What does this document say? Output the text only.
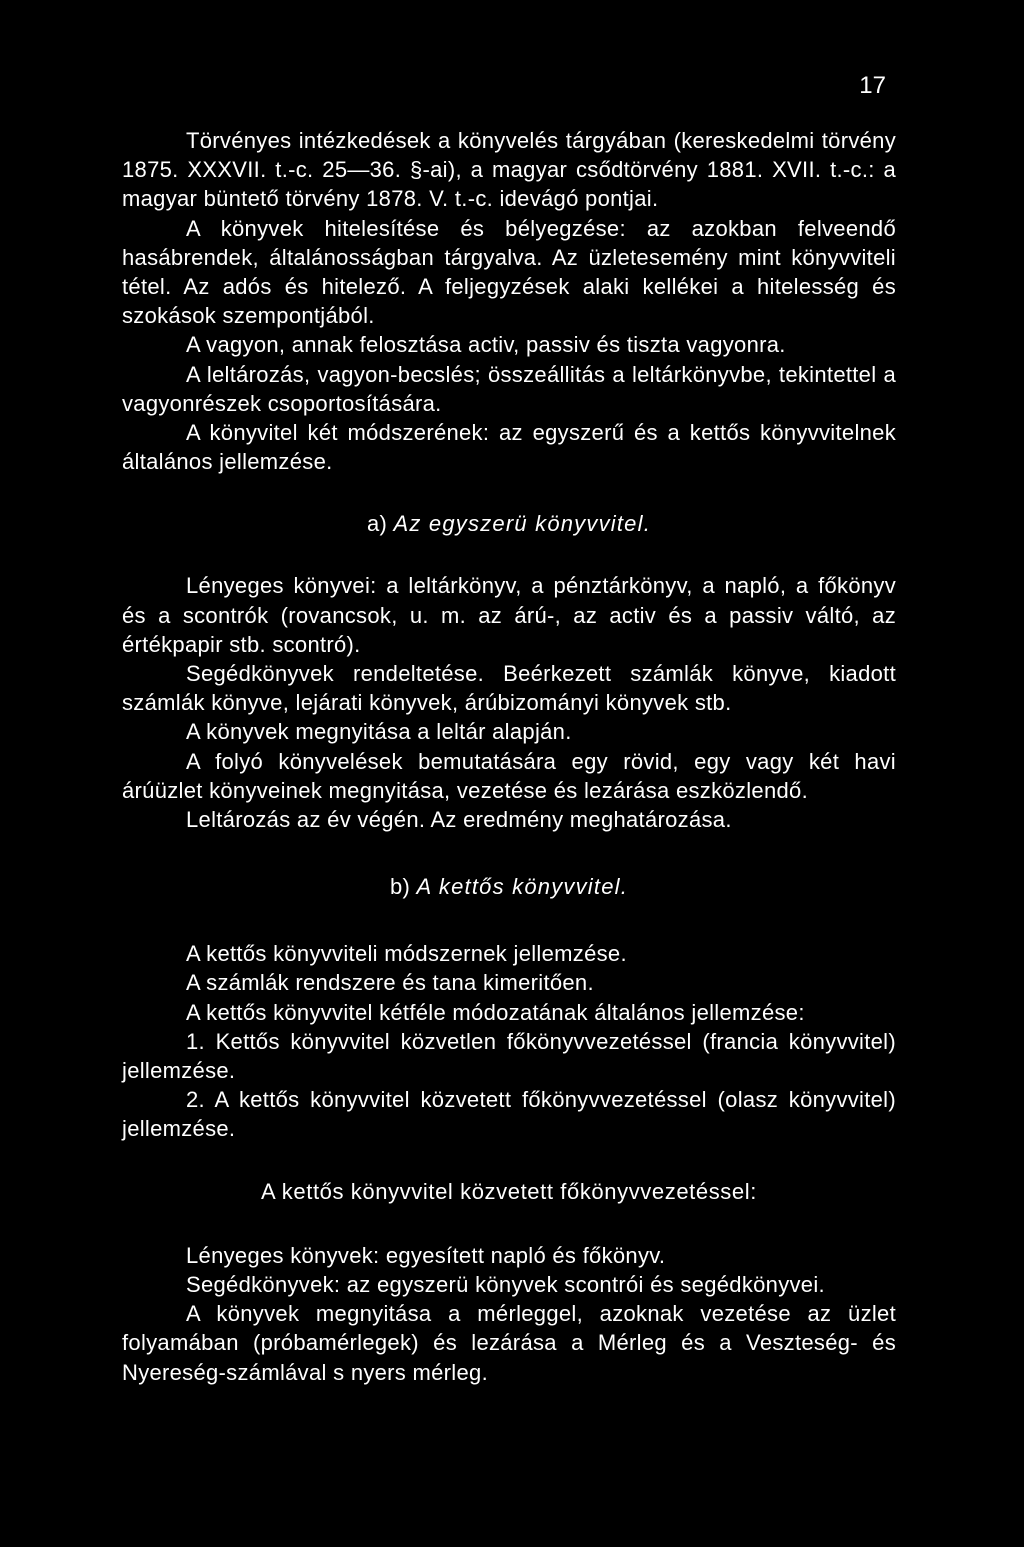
17

Törvényes intézkedések a könyvelés tárgyában (kereskedelmi törvény 1875. XXXVII. t.-c. 25—36. §-ai), a magyar csődtörvény 1881. XVII. t.-c.: a magyar büntető törvény 1878. V. t.-c. idevágó pontjai.

A könyvek hitelesítése és bélyegzése: az azokban felveendő hasábrendek, általánosságban tárgyalva. Az üzletesemény mint könyvviteli tétel. Az adós és hitelező. A feljegyzések alaki kellékei a hitelesség és szokások szempontjából.

A vagyon, annak felosztása activ, passiv és tiszta vagyonra.

A leltározás, vagyon-becslés; összeállitás a leltárkönyvbe, tekintettel a vagyonrészek csoportosítására.

A könyvitel két módszerének: az egyszerű és a kettős könyvvitelnek általános jellemzése.

a) Az egyszerü könyvvitel.

Lényeges könyvei: a leltárkönyv, a pénztárkönyv, a napló, a főkönyv és a scontrók (rovancsok, u. m. az árú-, az activ és a passiv váltó, az értékpapir stb. scontró).

Segédkönyvek rendeltetése. Beérkezett számlák könyve, kiadott számlák könyve, lejárati könyvek, árúbizományi könyvek stb.

A könyvek megnyitása a leltár alapján.

A folyó könyvelések bemutatására egy rövid, egy vagy két havi árúüzlet könyveinek megnyitása, vezetése és lezárása eszközlendő.

Leltározás az év végén. Az eredmény meghatározása.

b) A kettős könyvvitel.

A kettős könyvviteli módszernek jellemzése.

A számlák rendszere és tana kimeritően.

A kettős könyvvitel kétféle módozatának általános jellemzése:

1. Kettős könyvvitel közvetlen főkönyvvezetéssel (francia könyvvitel) jellemzése.

2. A kettős könyvvitel közvetett főkönyvvezetéssel (olasz könyvvitel) jellemzése.

A kettős könyvvitel közvetett főkönyvvezetéssel:

Lényeges könyvek: egyesített napló és főkönyv.

Segédkönyvek: az egyszerü könyvek scontrói és segédkönyvei.

A könyvek megnyitása a mérleggel, azoknak vezetése az üzlet folyamában (próbamérlegek) és lezárása a Mérleg és a Veszteség- és Nyereség-számlával s nyers mérleg.
